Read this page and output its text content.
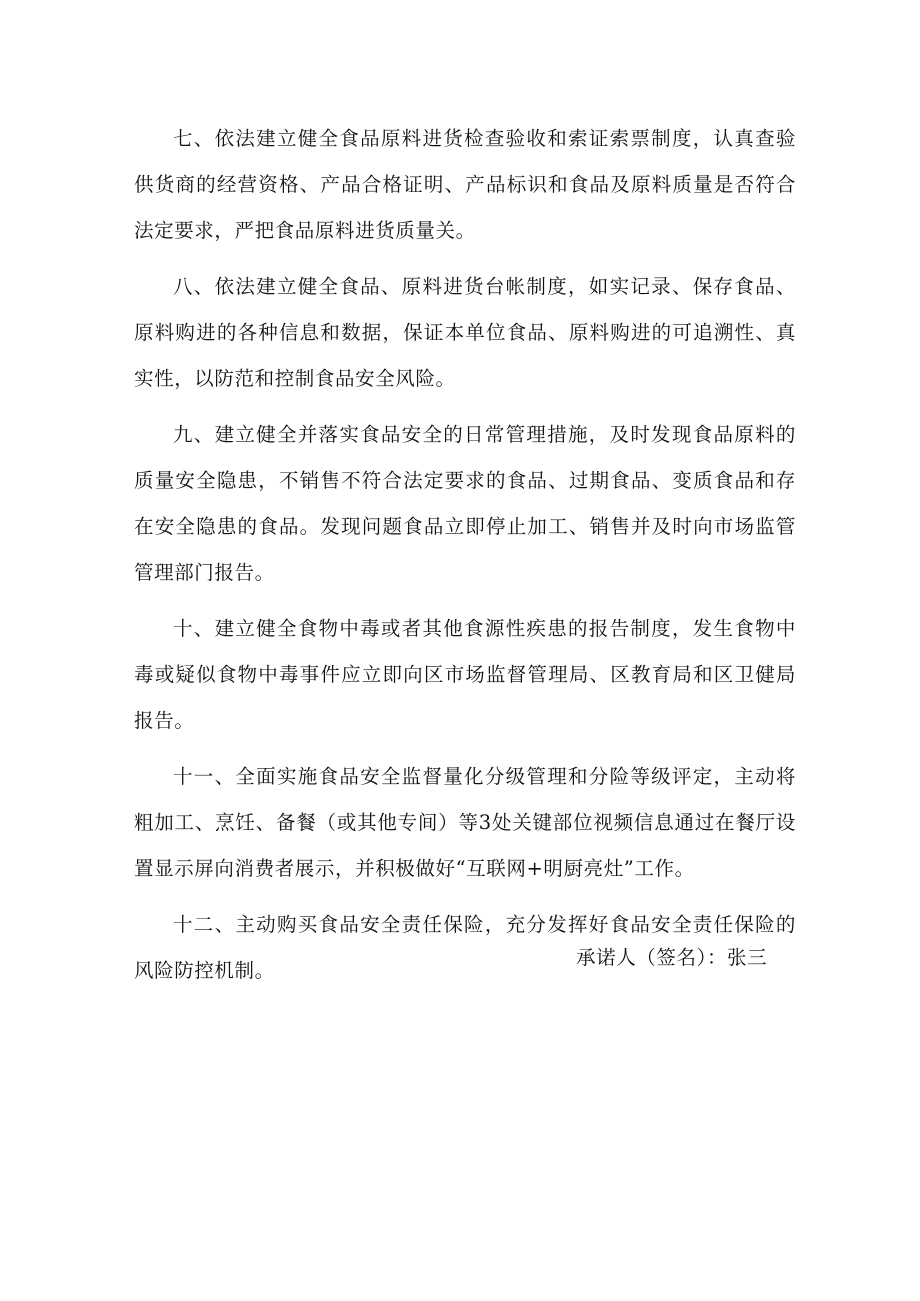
七、依法建立健全食品原料进货检查验收和索证索票制度，认真查验供货商的经营资格、产品合格证明、产品标识和食品及原料质量是否符合法定要求，严把食品原料进货质量关。

八、依法建立健全食品、原料进货台帐制度，如实记录、保存食品、原料购进的各种信息和数据，保证本单位食品、原料购进的可追溯性、真实性，以防范和控制食品安全风险。

九、建立健全并落实食品安全的日常管理措施，及时发现食品原料的质量安全隐患，不销售不符合法定要求的食品、过期食品、变质食品和存在安全隐患的食品。发现问题食品立即停止加工、销售并及时向市场监管管理部门报告。

十、建立健全食物中毒或者其他食源性疾患的报告制度，发生食物中毒或疑似食物中毒事件应立即向区市场监督管理局、区教育局和区卫健局报告。

十一、全面实施食品安全监督量化分级管理和分险等级评定，主动将粗加工、烹饪、备餐（或其他专间）等3处关键部位视频信息通过在餐厅设置显示屏向消费者展示，并积极做好“互联网+明厨亮灶”工作。

十二、主动购买食品安全责任保险，充分发挥好食品安全责任保险的风险防控机制。

承诺人（签名）：张三
